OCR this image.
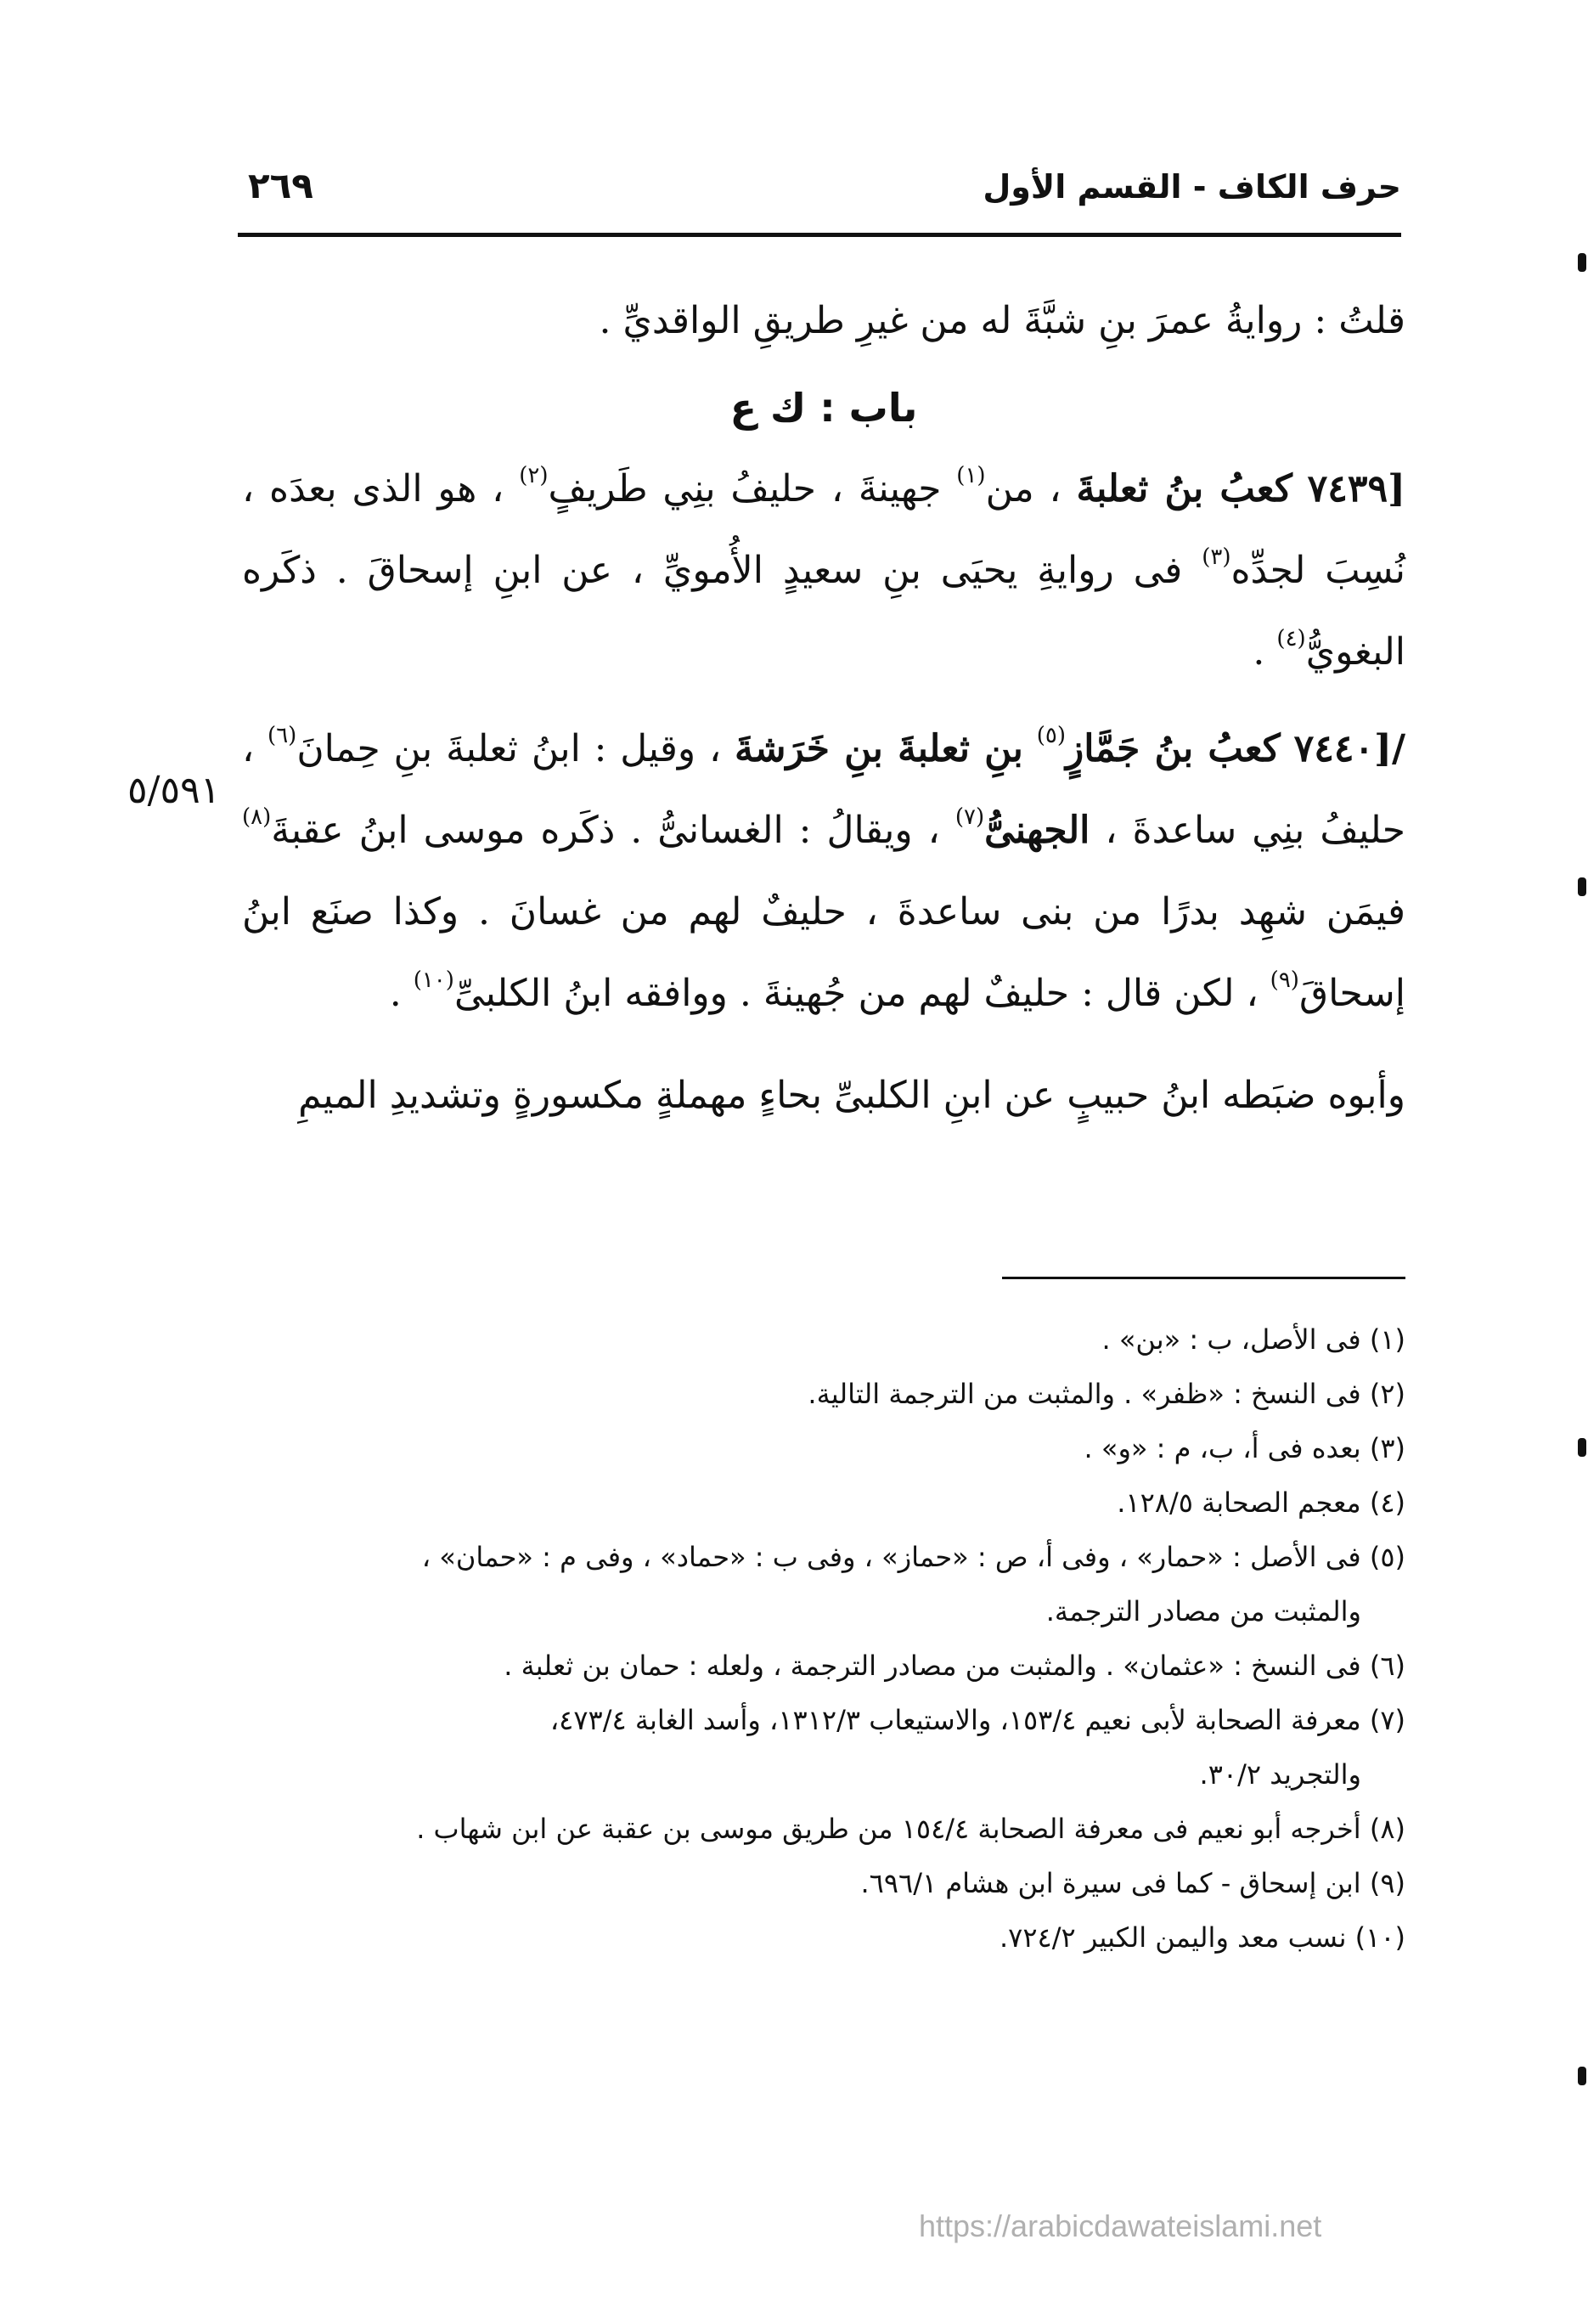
حرف الكاف - القسم الأول
٢٦٩

قلتُ : روايةُ عمرَ بنِ شبَّةَ له من غيرِ طريقِ الواقديِّ .

باب : ك ع

[٧٤٣٩ كعبُ بنُ ثعلبةَ ، من$^{(١)}$ جهينةَ ، حليفُ بنِي طَريفٍ$^{(٢)}$ ، هو الذى بعدَه ، نُسِبَ لجدِّه$^{(٣)}$ فى روايةِ يحيَى بنِ سعيدٍ الأُمويِّ ، عن ابنِ إسحاقَ . ذكَره البغويُّ$^{(٤)}$ .

/[٧٤٤٠ كعبُ بنُ جَمَّازٍ$^{(٥)}$ بنِ ثعلبةَ بنِ خَرَشةَ ، وقيل : ابنُ ثعلبةَ بنِ حِمانَ$^{(٦)}$ ، حليفُ بنِي ساعدةَ ، الجهنىُّ$^{(٧)}$ ، ويقالُ : الغسانىُّ . ذكَره موسى ابنُ عقبةَ$^{(٨)}$ فيمَن شهِد بدرًا من بنى ساعدةَ ، حليفٌ لهم من غسانَ . وكذا صنَع ابنُ إسحاقَ$^{(٩)}$ ، لكن قال : حليفٌ لهم من جُهينةَ . ووافقه ابنُ الكلبىِّ$^{(١٠)}$ .

وأبوه ضبَطه ابنُ حبيبٍ عن ابنِ الكلبىِّ بحاءٍ مهملةٍ مكسورةٍ وتشديدِ الميمِ

٥/٥٩١

(١) فى الأصل، ب : «بن» .

(٢) فى النسخ : «ظفر» . والمثبت من الترجمة التالية.

(٣) بعده فى أ، ب، م : «و» .

(٤) معجم الصحابة ١٢٨/٥.

(٥) فى الأصل : «حمار» ، وفى أ، ص : «حماز» ، وفى ب : «حماد» ، وفى م : «حمان» ،

والمثبت من مصادر الترجمة.

(٦) فى النسخ : «عثمان» . والمثبت من مصادر الترجمة ، ولعله : حمان بن ثعلبة .

(٧) معرفة الصحابة لأبى نعيم ١٥٣/٤، والاستيعاب ١٣١٢/٣، وأسد الغابة ٤٧٣/٤،

والتجريد ٣٠/٢.

(٨) أخرجه أبو نعيم فى معرفة الصحابة ١٥٤/٤ من طريق موسى بن عقبة عن ابن شهاب .

(٩) ابن إسحاق - كما فى سيرة ابن هشام ٦٩٦/١.

(١٠) نسب معد واليمن الكبير ٧٢٤/٢.

https://arabicdawateislami.net
